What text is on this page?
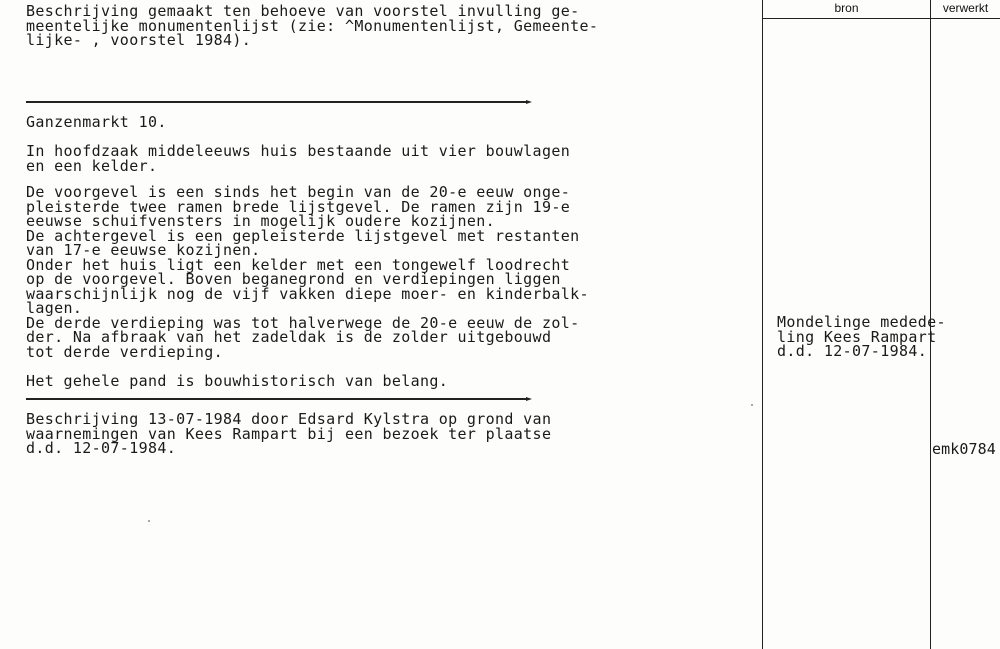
Beschrijving gemaakt ten behoeve van voorstel invulling ge-
meentelijke monumentenlijst (zie: ^Monumentenlijst, Gemeente-
lijke- , voorstel 1984).
Ganzenmarkt 10.
In hoofdzaak middeleeuws huis bestaande uit vier bouwlagen
en een kelder.
De voorgevel is een sinds het begin van de 20-e eeuw onge-
pleisterde twee ramen brede lijstgevel. De ramen zijn 19-e
eeuwse schuifvensters in mogelijk oudere kozijnen.
De achtergevel is een gepleisterde lijstgevel met restanten
van 17-e eeuwse kozijnen.
Onder het huis ligt een kelder met een tongewelf loodrecht
op de voorgevel. Boven beganegrond en verdiepingen liggen
waarschijnlijk nog de vijf vakken diepe moer- en kinderbalk-
lagen.
De derde verdieping was tot halverwege de 20-e eeuw de zol-
der. Na afbraak van het zadeldak is de zolder uitgebouwd
tot derde verdieping.
Het gehele pand is bouwhistorisch van belang.
Beschrijving 13-07-1984 door Edsard Kylstra op grond van
waarnemingen van Kees Rampart bij een bezoek ter plaatse
d.d. 12-07-1984.
bron	verwerkt
Mondelinge medede-
ling Kees Rampart
d.d. 12-07-1984.
emk0784
